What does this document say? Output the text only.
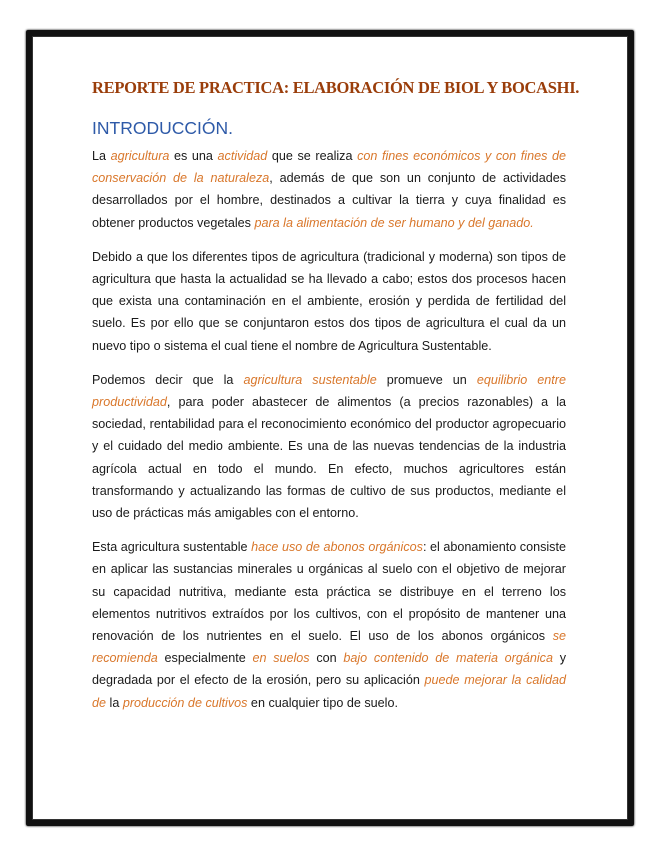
REPORTE DE PRACTICA: ELABORACIÓN DE BIOL Y BOCASHI.
INTRODUCCIÓN.

La agricultura es una actividad que se realiza con fines económicos y con fines de conservación de la naturaleza, además de que son un conjunto de actividades desarrollados por el hombre, destinados a cultivar la tierra y cuya finalidad es obtener productos vegetales para la alimentación de ser humano y del ganado.

Debido a que los diferentes tipos de agricultura (tradicional y moderna) son tipos de agricultura que hasta la actualidad se ha llevado a cabo; estos dos procesos hacen que exista una contaminación en el ambiente, erosión y perdida de fertilidad del suelo. Es por ello que se conjuntaron estos dos tipos de agricultura el cual da un nuevo tipo o sistema el cual tiene el nombre de Agricultura Sustentable.

Podemos decir que la agricultura sustentable promueve un equilibrio entre productividad, para poder abastecer de alimentos (a precios razonables) a la sociedad, rentabilidad para el reconocimiento económico del productor agropecuario y el cuidado del medio ambiente. Es una de las nuevas tendencias de la industria agrícola actual en todo el mundo. En efecto, muchos agricultores están transformando y actualizando las formas de cultivo de sus productos, mediante el uso de prácticas más amigables con el entorno.

Esta agricultura sustentable hace uso de abonos orgánicos: el abonamiento consiste en aplicar las sustancias minerales u orgánicas al suelo con el objetivo de mejorar su capacidad nutritiva, mediante esta práctica se distribuye en el terreno los elementos nutritivos extraídos por los cultivos, con el propósito de mantener una renovación de los nutrientes en el suelo. El uso de los abonos orgánicos se recomienda especialmente en suelos con bajo contenido de materia orgánica y degradada por el efecto de la erosión, pero su aplicación puede mejorar la calidad de la producción de cultivos en cualquier tipo de suelo.
